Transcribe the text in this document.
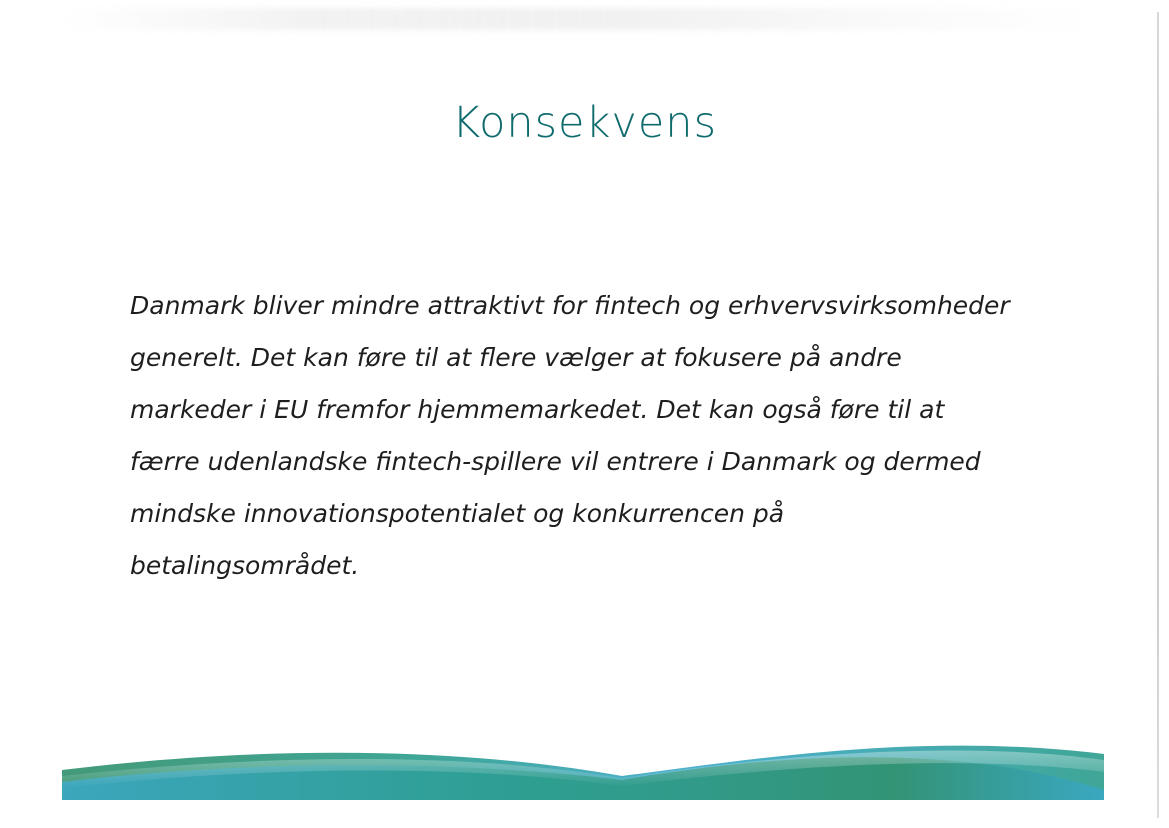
Konsekvens

Danmark bliver mindre attraktivt for fintech og erhvervsvirksomheder
generelt. Det kan føre til at flere vælger at fokusere på andre
markeder i EU fremfor hjemmemarkedet. Det kan også føre til at
færre udenlandske fintech-spillere vil entrere i Danmark og dermed
mindske innovationspotentialet og konkurrencen på
betalingsområdet.
